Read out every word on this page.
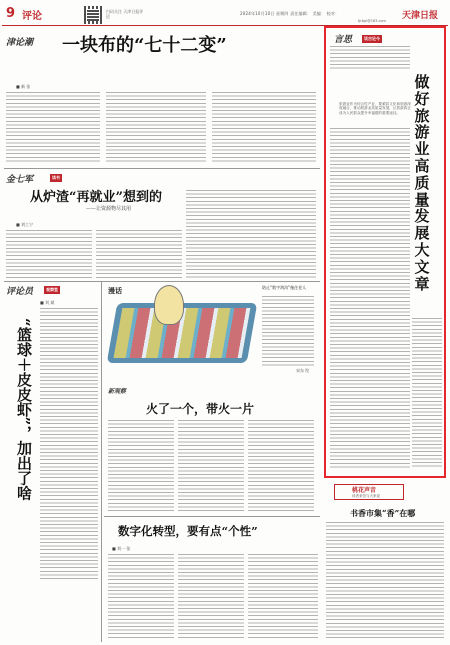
9 评论	扫码关注 天津日报评论
2024年10月10日 星期四 责任编辑： 美编： 校对：	天津日报
tjrbpl@163.com
津论潮 一块布的“七十二变”
■ 新 张
金七军	读书
从炉渣“再就业”想到的
——让资源物尽其用
■ 刘工宁
评论员	观察室
“篮球＋皮皮虾”，加出了啥
■ 刘 斌
漫话	防止“数字鸿沟”拖住老人
宋东 绘
新观察
火了一个，带火一片
数字化转型，要有点“个性”
■ 刘一 张
言思	谈古论今
做好旅游业高质量发展大文章
旅游业作为综合性产业，要紧扣文化和旅游深度融合，推动旅游业高质量发展，让旅游真正成为人民群众提升幸福感的重要途径。
桃花声音
读者来信与大家说
书香市集“香”在哪
